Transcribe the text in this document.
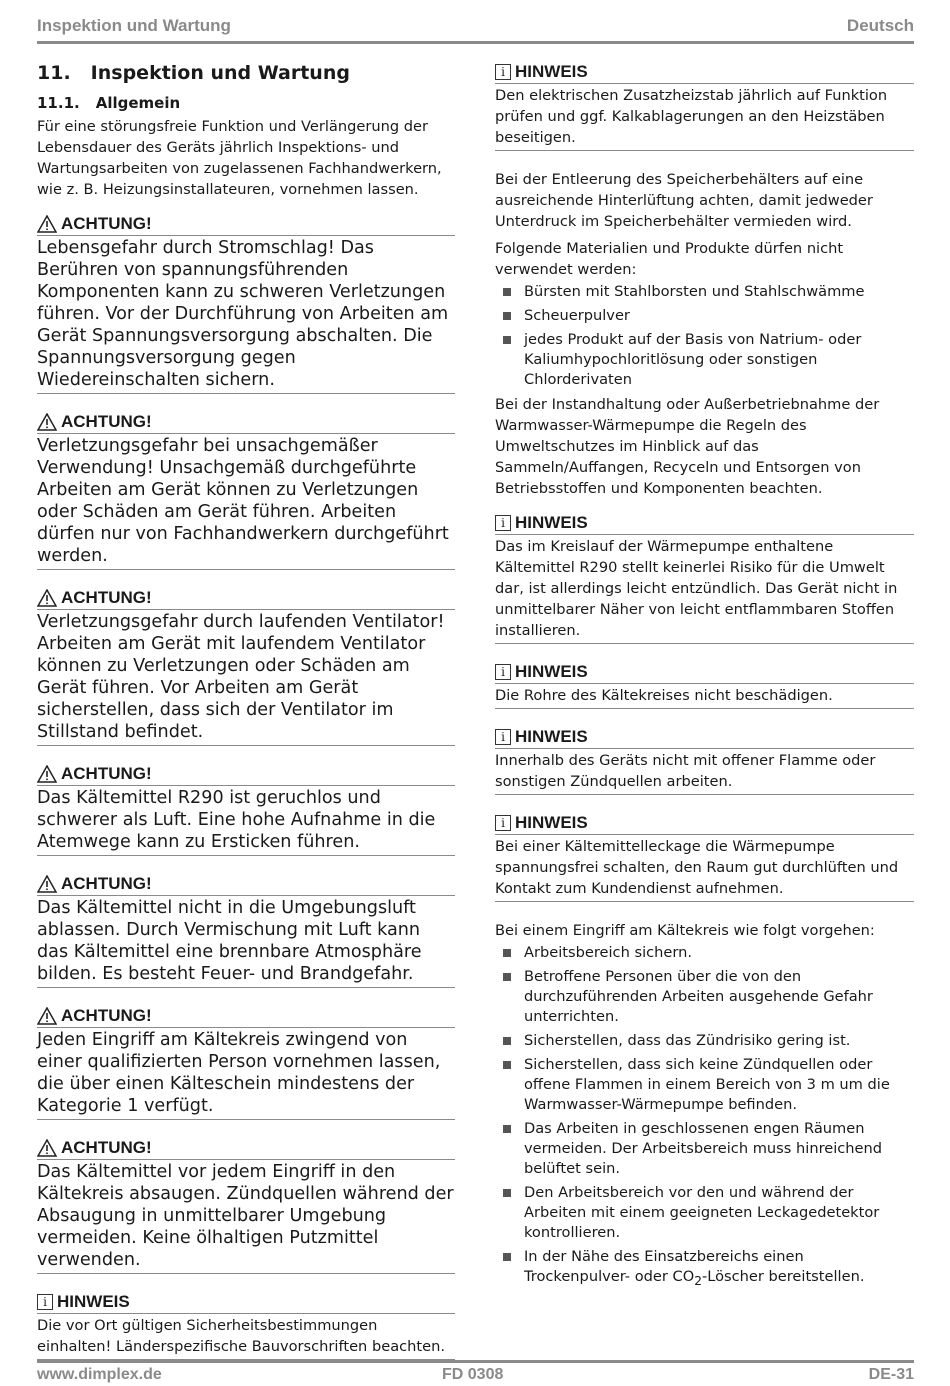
Inspektion und Wartung	Deutsch
11. Inspektion und Wartung
11.1. Allgemein

Für eine störungsfreie Funktion und Verlängerung der Lebensdauer des Geräts jährlich Inspektions- und Wartungsarbeiten von zugelassenen Fachhandwerkern, wie z. B. Heizungsinstallateuren, vornehmen lassen.

ACHTUNG!
Lebensgefahr durch Stromschlag! Das Berühren von spannungsführenden Komponenten kann zu schweren Verletzungen führen. Vor der Durchführung von Arbeiten am Gerät Spannungsversorgung abschalten. Die Spannungsversorgung gegen Wiedereinschalten sichern.
ACHTUNG!
Verletzungsgefahr bei unsachgemäßer Verwendung! Unsachgemäß durchgeführte Arbeiten am Gerät können zu Verletzungen oder Schäden am Gerät führen. Arbeiten dürfen nur von Fachhandwerkern durchgeführt werden.
ACHTUNG!
Verletzungsgefahr durch laufenden Ventilator! Arbeiten am Gerät mit laufendem Ventilator können zu Verletzungen oder Schäden am Gerät führen. Vor Arbeiten am Gerät sicherstellen, dass sich der Ventilator im Stillstand befindet.
ACHTUNG!
Das Kältemittel R290 ist geruchlos und schwerer als Luft. Eine hohe Aufnahme in die Atemwege kann zu Ersticken führen.
ACHTUNG!
Das Kältemittel nicht in die Umgebungsluft ablassen. Durch Vermischung mit Luft kann das Kältemittel eine brennbare Atmosphäre bilden. Es besteht Feuer- und Brandgefahr.
ACHTUNG!
Jeden Eingriff am Kältekreis zwingend von einer qualifizierten Person vornehmen lassen, die über einen Kälteschein mindestens der Kategorie 1 verfügt.
ACHTUNG!
Das Kältemittel vor jedem Eingriff in den Kältekreis absaugen. Zündquellen während der Absaugung in unmittelbarer Umgebung vermeiden. Keine ölhaltigen Putzmittel verwenden.
i HINWEIS
Die vor Ort gültigen Sicherheitsbestimmungen einhalten! Länderspezifische Bauvorschriften beachten.
i HINWEIS
Den elektrischen Zusatzheizstab jährlich auf Funktion prüfen und ggf. Kalkablagerungen an den Heizstäben beseitigen.

Bei der Entleerung des Speicherbehälters auf eine ausreichende Hinterlüftung achten, damit jedweder Unterdruck im Speicherbehälter vermieden wird.

Folgende Materialien und Produkte dürfen nicht verwendet werden:

Bürsten mit Stahlborsten und Stahlschwämme
Scheuerpulver
jedes Produkt auf der Basis von Natrium- oder Kaliumhypochloritlösung oder sonstigen Chlorderivaten

Bei der Instandhaltung oder Außerbetriebnahme der Warmwasser-Wärmepumpe die Regeln des Umweltschutzes im Hinblick auf das Sammeln/Auffangen, Recyceln und Entsorgen von Betriebsstoffen und Komponenten beachten.

i HINWEIS
Das im Kreislauf der Wärmepumpe enthaltene Kältemittel R290 stellt keinerlei Risiko für die Umwelt dar, ist allerdings leicht entzündlich. Das Gerät nicht in unmittelbarer Näher von leicht entflammbaren Stoffen installieren.
i HINWEIS
Die Rohre des Kältekreises nicht beschädigen.
i HINWEIS
Innerhalb des Geräts nicht mit offener Flamme oder sonstigen Zündquellen arbeiten.
i HINWEIS
Bei einer Kältemittelleckage die Wärmepumpe spannungsfrei schalten, den Raum gut durchlüften und Kontakt zum Kundendienst aufnehmen.

Bei einem Eingriff am Kältekreis wie folgt vorgehen:

Arbeitsbereich sichern.
Betroffene Personen über die von den durchzuführenden Arbeiten ausgehende Gefahr unterrichten.
Sicherstellen, dass das Zündrisiko gering ist.
Sicherstellen, dass sich keine Zündquellen oder offene Flammen in einem Bereich von 3 m um die Warmwasser-Wärmepumpe befinden.
Das Arbeiten in geschlossenen engen Räumen vermeiden. Der Arbeitsbereich muss hinreichend belüftet sein.
Den Arbeitsbereich vor den und während der Arbeiten mit einem geeigneten Leckagedetektor kontrollieren.
In der Nähe des Einsatzbereichs einen Trockenpulver- oder $CO_2$-Löscher bereitstellen.
www.dimplex.de	FD 0308	DE-31
